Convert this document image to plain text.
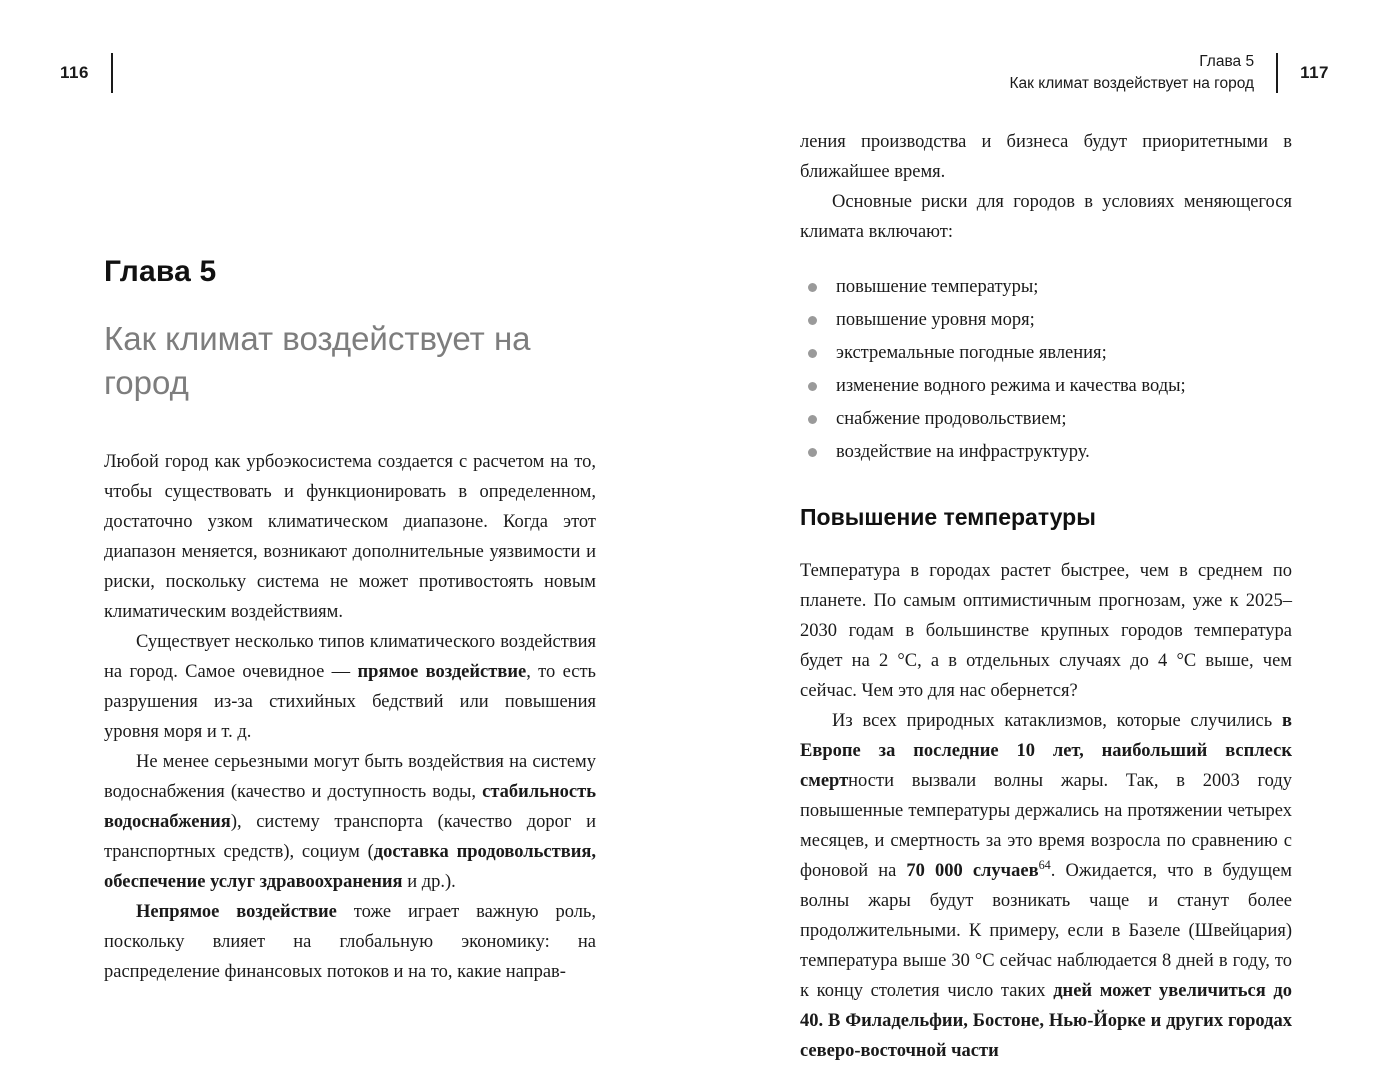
116
Глава 5
Как климат воздействует на город
117
Глава 5
Как климат воздействует на город

Любой город как урбоэкосистема создается с расчетом на то, чтобы существовать и функционировать в определенном, достаточно узком климатическом диапазоне. Когда этот диапазон меняется, возникают дополнительные уязвимости и риски, поскольку система не может противостоять новым климатическим воздействиям.

Существует несколько типов климатического воздействия на город. Самое очевидное — прямое воздействие, то есть разрушения из-за стихийных бедствий или повышения уровня моря и т. д.

Не менее серьезными могут быть воздействия на систему водоснабжения (качество и доступность воды, стабильность водоснабжения), систему транспорта (качество дорог и транспортных средств), социум (доставка продовольствия, обеспечение услуг здравоохранения и др.).

Непрямое воздействие тоже играет важную роль, поскольку влияет на глобальную экономику: на распределение финансовых потоков и на то, какие направ-

ления производства и бизнеса будут приоритетными в ближайшее время.

Основные риски для городов в условиях меняющегося климата включают:

повышение температуры;
повышение уровня моря;
экстремальные погодные явления;
изменение водного режима и качества воды;
снабжение продовольствием;
воздействие на инфраструктуру.
Повышение температуры

Температура в городах растет быстрее, чем в среднем по планете. По самым оптимистичным прогнозам, уже к 2025–2030 годам в большинстве крупных городов температура будет на 2 °C, а в отдельных случаях до 4 °C выше, чем сейчас. Чем это для нас обернется?

Из всех природных катаклизмов, которые случились в Европе за последние 10 лет, наибольший всплеск смертности вызвали волны жары. Так, в 2003 году повышенные температуры держались на протяжении четырех месяцев, и смертность за это время возросла по сравнению с фоновой на 70 000 случаев$^{64}$. Ожидается, что в будущем волны жары будут возникать чаще и станут более продолжительными. К примеру, если в Базеле (Швейцария) температура выше 30 °C сейчас наблюдается 8 дней в году, то к концу столетия число таких дней может увеличиться до 40. В Филадельфии, Бостоне, Нью-Йорке и других городах северо-восточной части
